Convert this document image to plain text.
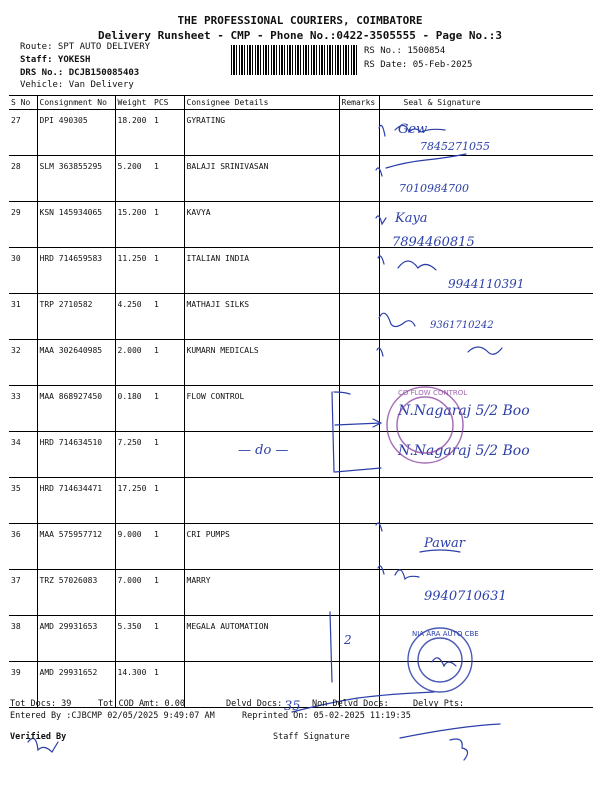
THE PROFESSIONAL COURIERS, COIMBATORE
Delivery Runsheet - CMP - Phone No.:0422-3505555 - Page No.:3
Route: SPT AUTO DELIVERY
Staff: YOKESH
DRS No.: DCJB150085403
Vehicle: Van Delivery
RS No.: 1500854
RS Date: 05-Feb-2025
S No	Consignment No	Weight	PCS	Consignee Details	Remarks	Seal & Signature
27	DPI 490305	18.200	1	GYRATING		
28	SLM 363855295	5.200	1	BALAJI SRINIVASAN		
29	KSN 145934065	15.200	1	KAVYA		
30	HRD 714659583	11.250	1	ITALIAN INDIA		
31	TRP 2710582	4.250	1	MATHAJI SILKS		
32	MAA 302640985	2.000	1	KUMARN MEDICALS		
33	MAA 868927450	0.180	1	FLOW CONTROL		
34	HRD 714634510	7.250	1			
35	HRD 714634471	17.250	1			
36	MAA 575957712	9.000	1	CRI PUMPS		
37	TRZ 57026083	7.000	1	MARRY		
38	AMD 29931653	5.350	1	MEGALA AUTOMATION		
39	AMD 29931652	14.300	1			
Gew
7845271055
7010984700
Kaya
7894460815
9944110391
9361710242
N.Nagaraj 5/2 Boo
N.Nagaraj 5/2 Boo
— do —
Pawar
9940710631
2
35
CO FLOW CONTROL
NIA ARA AUTO CBE
Tot Docs: 39	Tot COD Amt: 0.00	Delvd Docs:	Non Delvd Docs:	Delvy Pts:
Entered By :CJBCMP 02/05/2025 9:49:07 AM	Reprinted On: 05-02-2025 11:19:35
Verified By	Staff Signature
